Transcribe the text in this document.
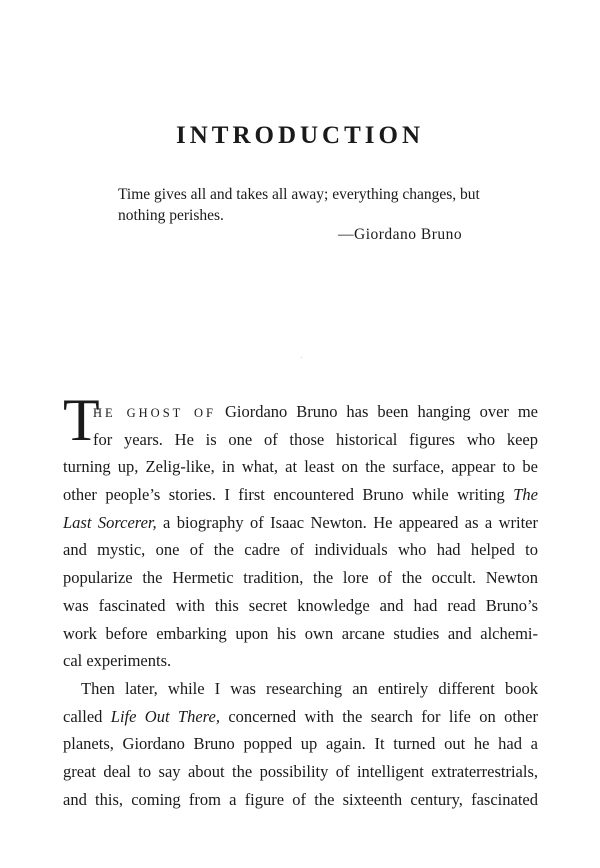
INTRODUCTION
Time gives all and takes all away; everything changes, but
nothing perishes.
—Giordano Bruno
T
HE GHOST OF Giordano Bruno has been hanging over me
for years. He is one of those historical figures who keep
turning up, Zelig-like, in what, at least on the surface, appear to be
other people’s stories. I first encountered Bruno while writing The
Last Sorcerer, a biography of Isaac Newton. He appeared as a writer
and mystic, one of the cadre of individuals who had helped to
popularize the Hermetic tradition, the lore of the occult. Newton
was fascinated with this secret knowledge and had read Bruno’s
work before embarking upon his own arcane studies and alchemi-
cal experiments.
Then later, while I was researching an entirely different book
called Life Out There, concerned with the search for life on other
planets, Giordano Bruno popped up again. It turned out he had a
great deal to say about the possibility of intelligent extraterrestrials,
and this, coming from a figure of the sixteenth century, fascinated
